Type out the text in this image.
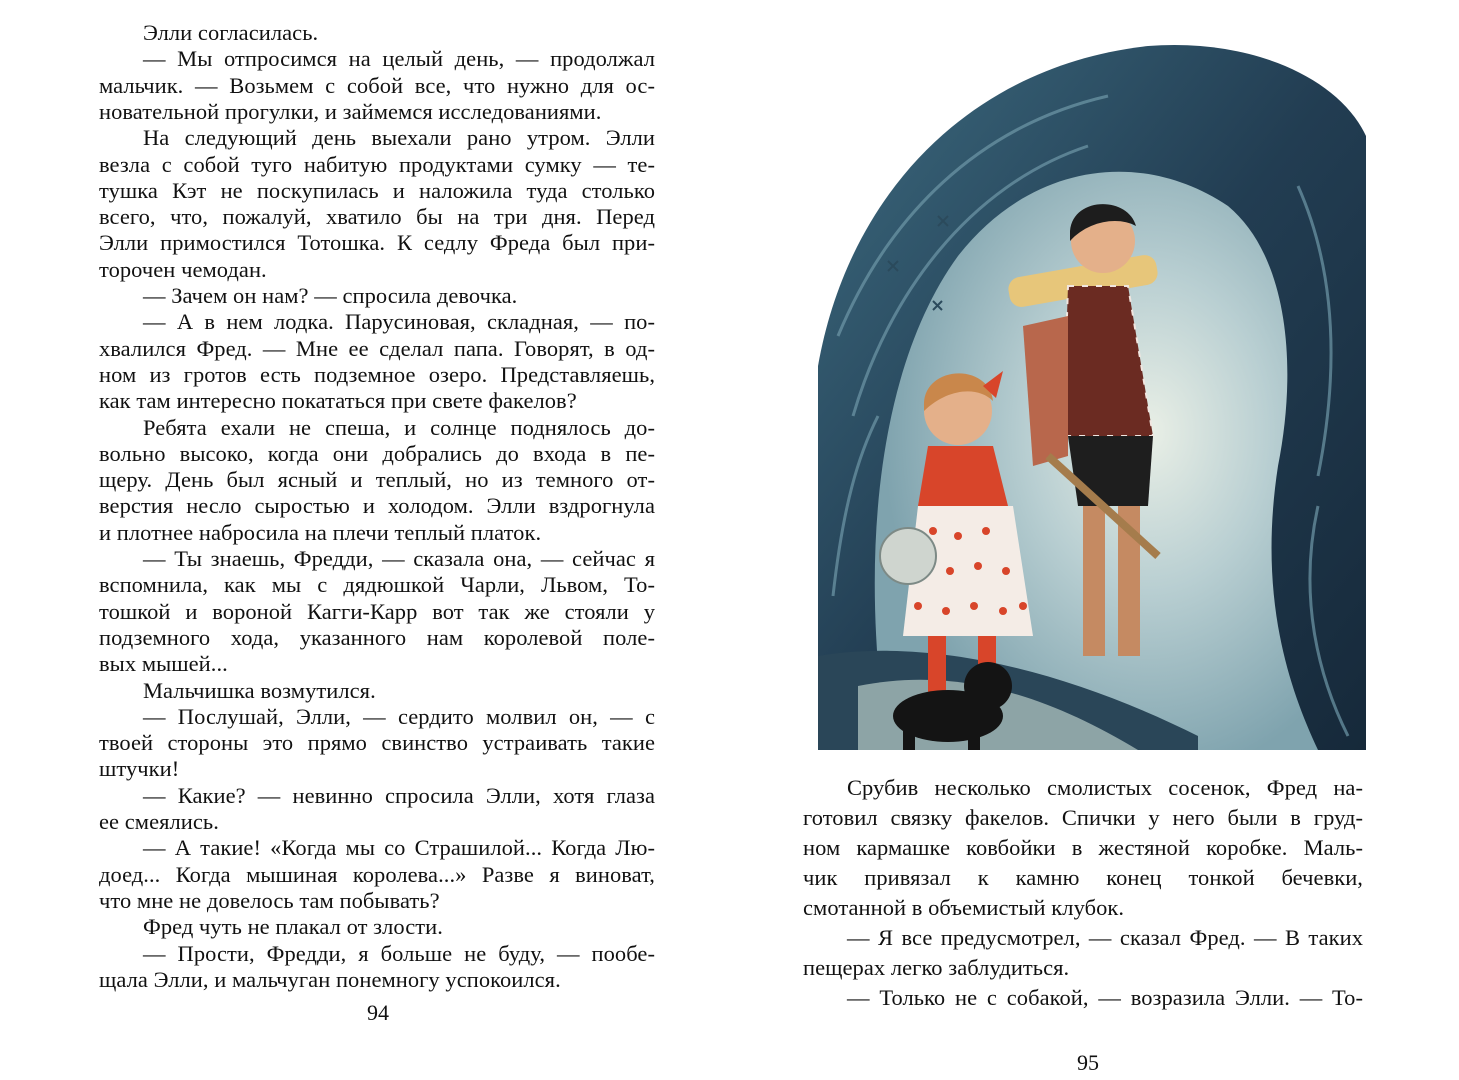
Элли согласилась.
— Мы отпросимся на целый день, — продолжал
мальчик. — Возьмем с собой все, что нужно для ос-
новательной прогулки, и займемся исследованиями.
На следующий день выехали рано утром. Элли
везла с собой туго набитую продуктами сумку — те-
тушка Кэт не поскупилась и наложила туда столько
всего, что, пожалуй, хватило бы на три дня. Перед
Элли примостился Тотошка. К седлу Фреда был при-
торочен чемодан.
— Зачем он нам? — спросила девочка.
— А в нем лодка. Парусиновая, складная, — по-
хвалился Фред. — Мне ее сделал папа. Говорят, в од-
ном из гротов есть подземное озеро. Представляешь,
как там интересно покататься при свете факелов?
Ребята ехали не спеша, и солнце поднялось до-
вольно высоко, когда они добрались до входа в пе-
щеру. День был ясный и теплый, но из темного от-
верстия несло сыростью и холодом. Элли вздрогнула
и плотнее набросила на плечи теплый платок.
— Ты знаешь, Фредди, — сказала она, — сейчас я
вспомнила, как мы с дядюшкой Чарли, Львом, То-
тошкой и вороной Кагги-Карр вот так же стояли у
подземного хода, указанного нам королевой поле-
вых мышей...
Мальчишка возмутился.
— Послушай, Элли, — сердито молвил он, — с
твоей стороны это прямо свинство устраивать такие
штучки!
— Какие? — невинно спросила Элли, хотя глаза
ее смеялись.
— А такие! «Когда мы со Страшилой... Когда Лю-
доед... Когда мышиная королева...» Разве я виноват,
что мне не довелось там побывать?
Фред чуть не плакал от злости.
— Прости, Фредди, я больше не буду, — пообе-
щала Элли, и мальчуган понемногу успокоился.
94
Срубив несколько смолистых сосенок, Фред на-
готовил связку факелов. Спички у него были в груд-
ном кармашке ковбойки в жестяной коробке. Маль-
чик привязал к камню конец тонкой бечевки,
смотанной в объемистый клубок.
— Я все предусмотрел, — сказал Фред. — В таких
пещерах легко заблудиться.
— Только не с собакой, — возразила Элли. — То-
95
